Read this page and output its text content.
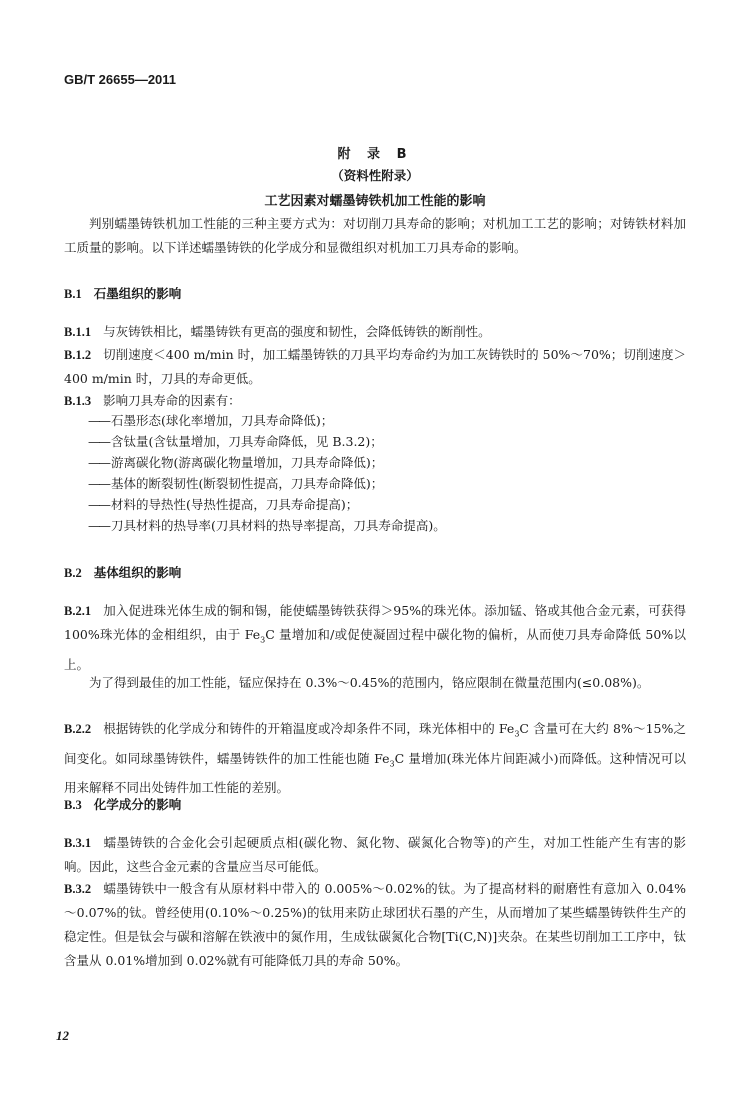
GB/T 26655—2011
附 录 B
（资料性附录）
工艺因素对蠕墨铸铁机加工性能的影响
判别蠕墨铸铁机加工性能的三种主要方式为：对切削刀具寿命的影响；对机加工工艺的影响；对铸铁材料加工质量的影响。以下详述蠕墨铸铁的化学成分和显微组织对机加工刀具寿命的影响。
B.1 石墨组织的影响
B.1.1 与灰铸铁相比，蠕墨铸铁有更高的强度和韧性，会降低铸铁的断削性。
B.1.2 切削速度＜400 m/min 时，加工蠕墨铸铁的刀具平均寿命约为加工灰铸铁时的 50%～70%；切削速度＞400 m/min 时，刀具的寿命更低。
B.1.3 影响刀具寿命的因素有：
—— 石墨形态(球化率增加，刀具寿命降低)；
—— 含钛量(含钛量增加，刀具寿命降低，见 B.3.2)；
—— 游离碳化物(游离碳化物量增加，刀具寿命降低)；
—— 基体的断裂韧性(断裂韧性提高，刀具寿命降低)；
—— 材料的导热性(导热性提高，刀具寿命提高)；
—— 刀具材料的热导率(刀具材料的热导率提高，刀具寿命提高)。
B.2 基体组织的影响
B.2.1 加入促进珠光体生成的铜和锡，能使蠕墨铸铁获得＞95%的珠光体。添加锰、铬或其他合金元素，可获得 100%珠光体的金相组织，由于 $Fe_3C$ 量增加和/或促使凝固过程中碳化物的偏析，从而使刀具寿命降低 50%以上。
为了得到最佳的加工性能，锰应保持在 0.3%～0.45%的范围内，铬应限制在微量范围内(≤0.08%)。
B.2.2 根据铸铁的化学成分和铸件的开箱温度或冷却条件不同，珠光体相中的 $Fe_3C$ 含量可在大约 8%～15%之间变化。如同球墨铸铁件，蠕墨铸铁件的加工性能也随 $Fe_3C$ 量增加(珠光体片间距减小)而降低。这种情况可以用来解释不同出处铸件加工性能的差别。
B.3 化学成分的影响
B.3.1 蠕墨铸铁的合金化会引起硬质点相(碳化物、氮化物、碳氮化合物等)的产生，对加工性能产生有害的影响。因此，这些合金元素的含量应当尽可能低。
B.3.2 蠕墨铸铁中一般含有从原材料中带入的 0.005%～0.02%的钛。为了提高材料的耐磨性有意加入 0.04%～0.07%的钛。曾经使用(0.10%～0.25%)的钛用来防止球团状石墨的产生，从而增加了某些蠕墨铸铁件生产的稳定性。但是钛会与碳和溶解在铁液中的氮作用，生成钛碳氮化合物[Ti(C,N)]夹杂。在某些切削加工工序中，钛含量从 0.01%增加到 0.02%就有可能降低刀具的寿命 50%。
12
